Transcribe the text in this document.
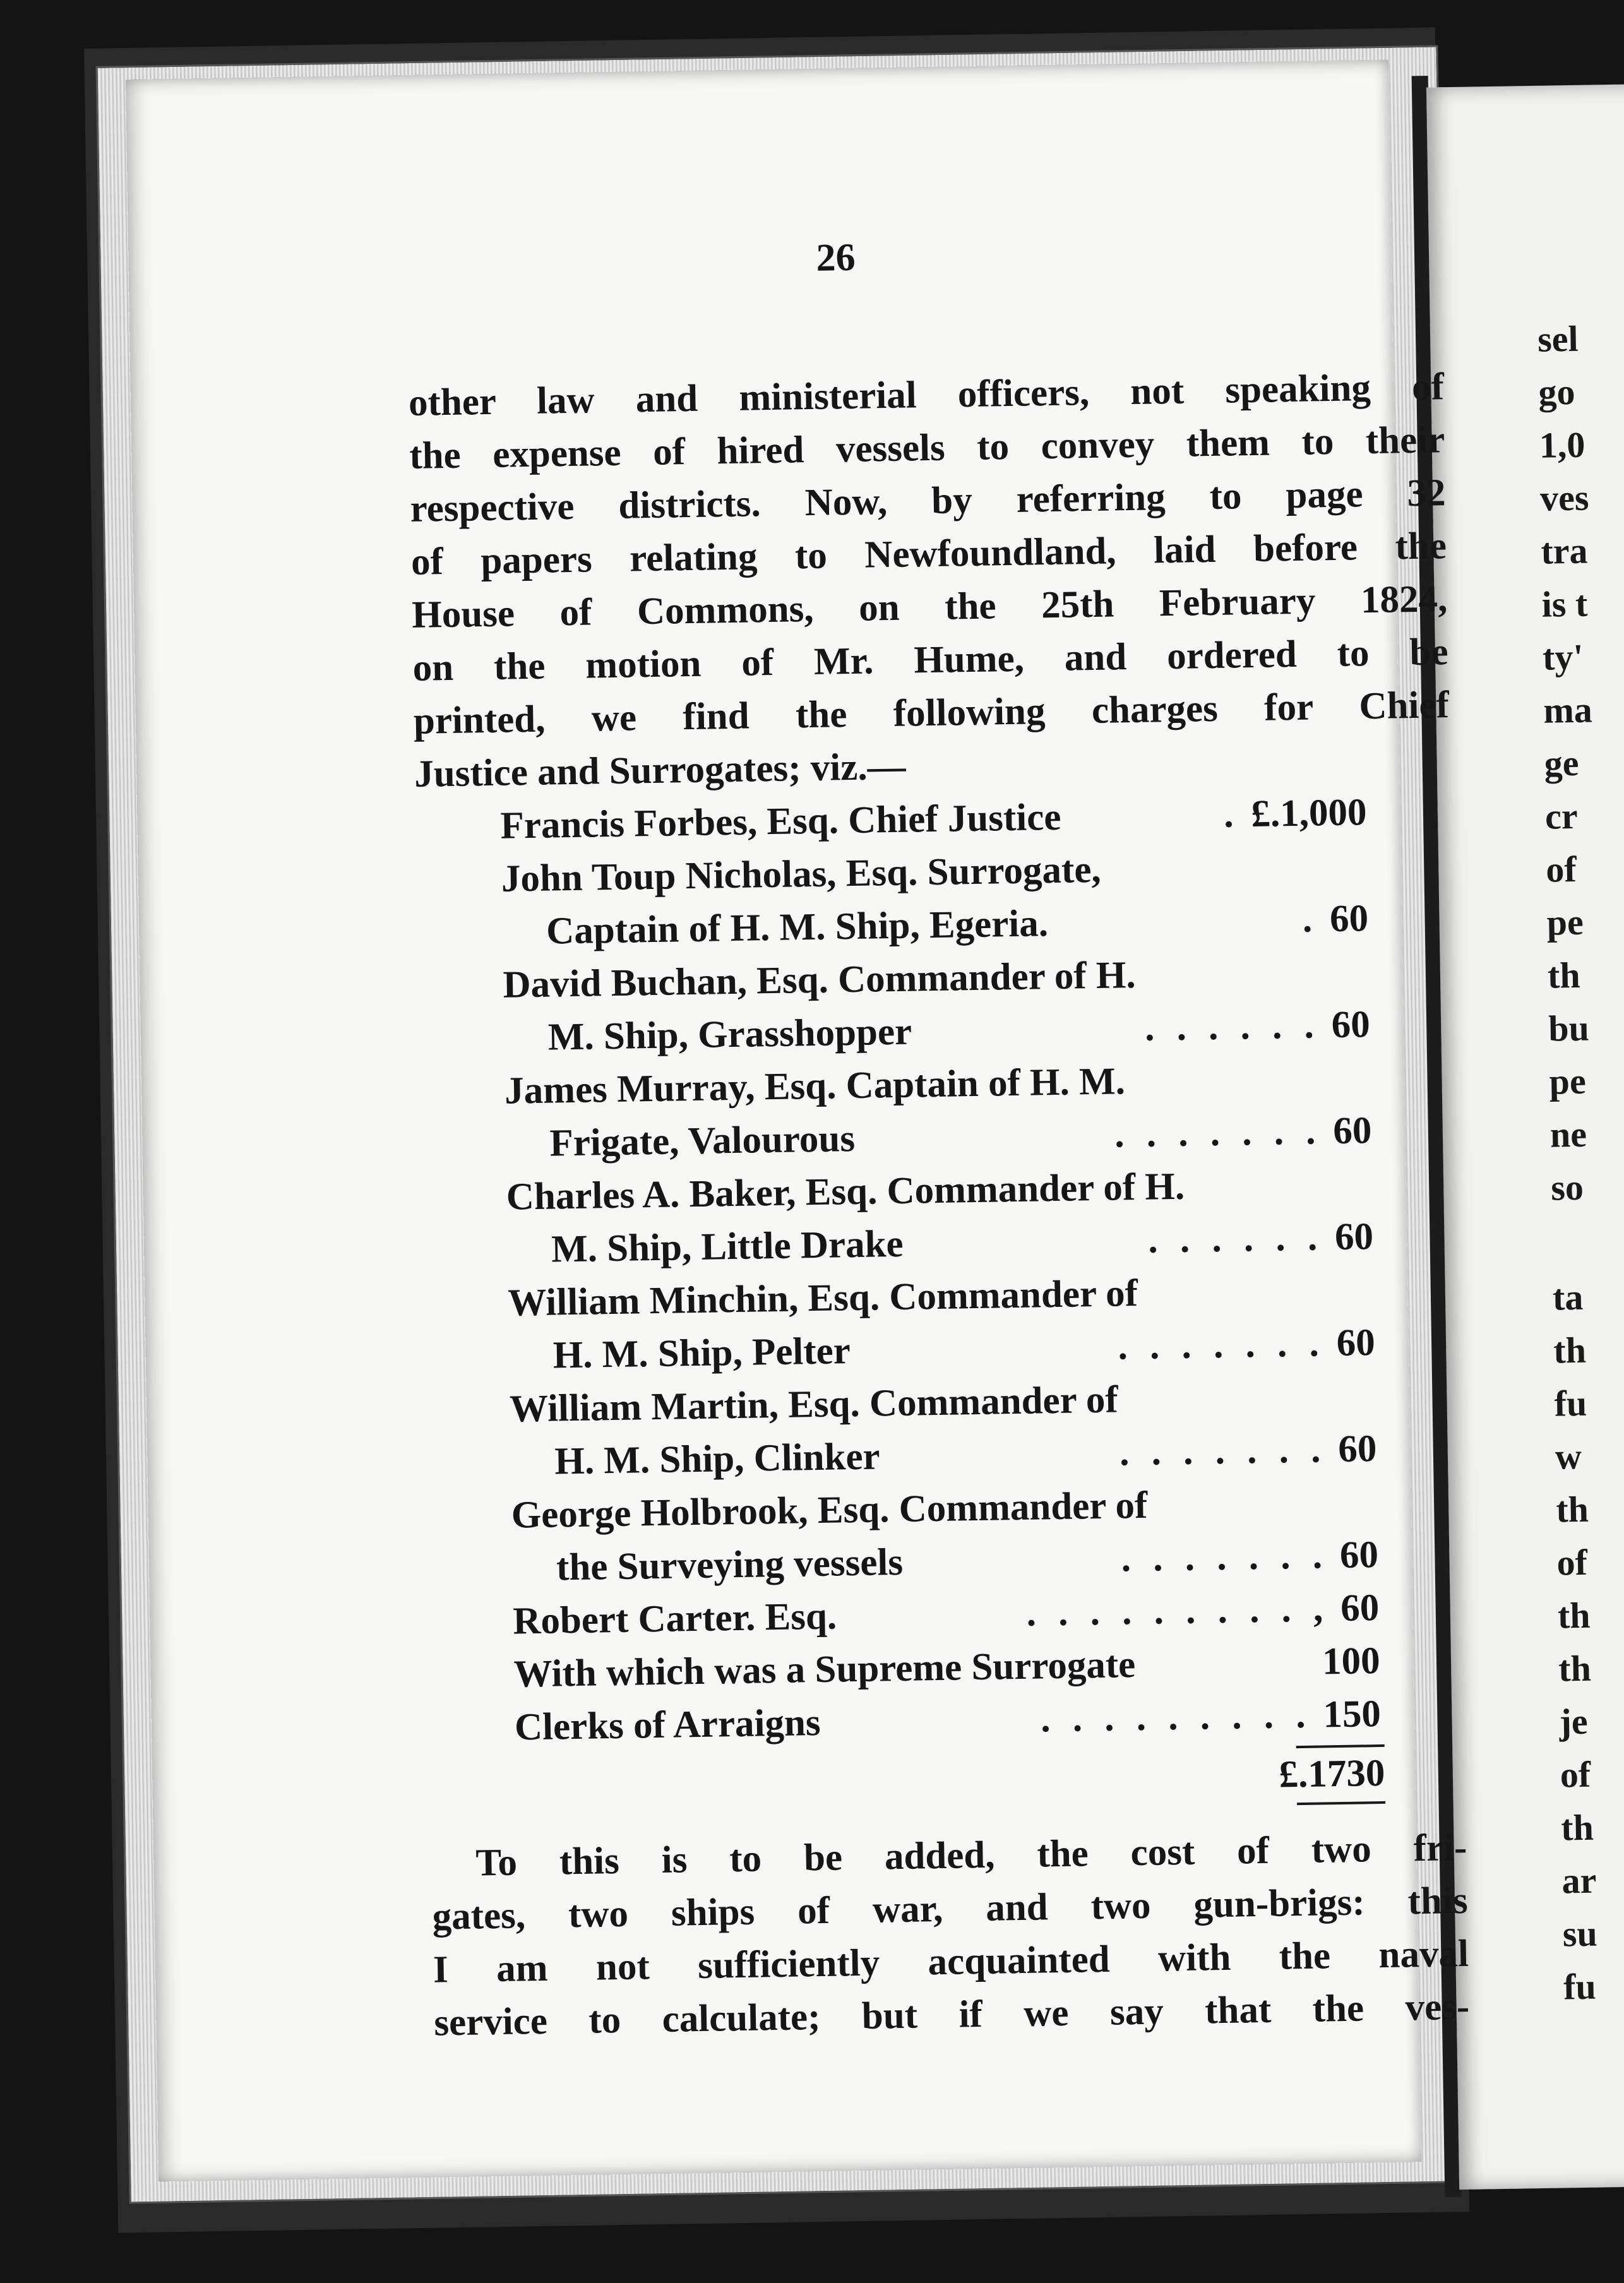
sel
go
1,0
ves
tra
is t
ty'
ma
ge
cr
of
pe
th
bu
pe
ne
so
ta
th
fu
w
th
of
th
th
je
of
th
ar
su
fu
26
other law and ministerial officers, not speaking of
the expense of hired vessels to convey them to their
respective districts. Now, by referring to page 32
of papers relating to Newfoundland, laid before the
House of Commons, on the 25th February 1824,
on the motion of Mr. Hume, and ordered to be
printed, we find the following charges for Chief
Justice and Surrogates; viz.—
Francis Forbes, Esq. Chief Justice	. £.1,000
John Toup Nicholas, Esq. Surrogate,
Captain of H. M. Ship, Egeria.	. 60
David Buchan, Esq. Commander of H.
M. Ship, Grasshopper	. . . . . . 60
James Murray, Esq. Captain of H. M.
Frigate, Valourous	. . . . . . . 60
Charles A. Baker, Esq. Commander of H.
M. Ship, Little Drake	. . . . . . 60
William Minchin, Esq. Commander of
H. M. Ship, Pelter	. . . . . . . 60
William Martin, Esq. Commander of
H. M. Ship, Clinker	. . . . . . . 60
George Holbrook, Esq. Commander of
the Surveying vessels	. . . . . . . 60
Robert Carter. Esq.	. . . . . . . . . , 60
With which was a Supreme Surrogate	100
Clerks of Arraigns	. . . . . . . . . 150
£.1730
To this is to be added, the cost of two fri-
gates, two ships of war, and two gun-brigs: this
I am not sufficiently acquainted with the naval
service to calculate; but if we say that the ves-
